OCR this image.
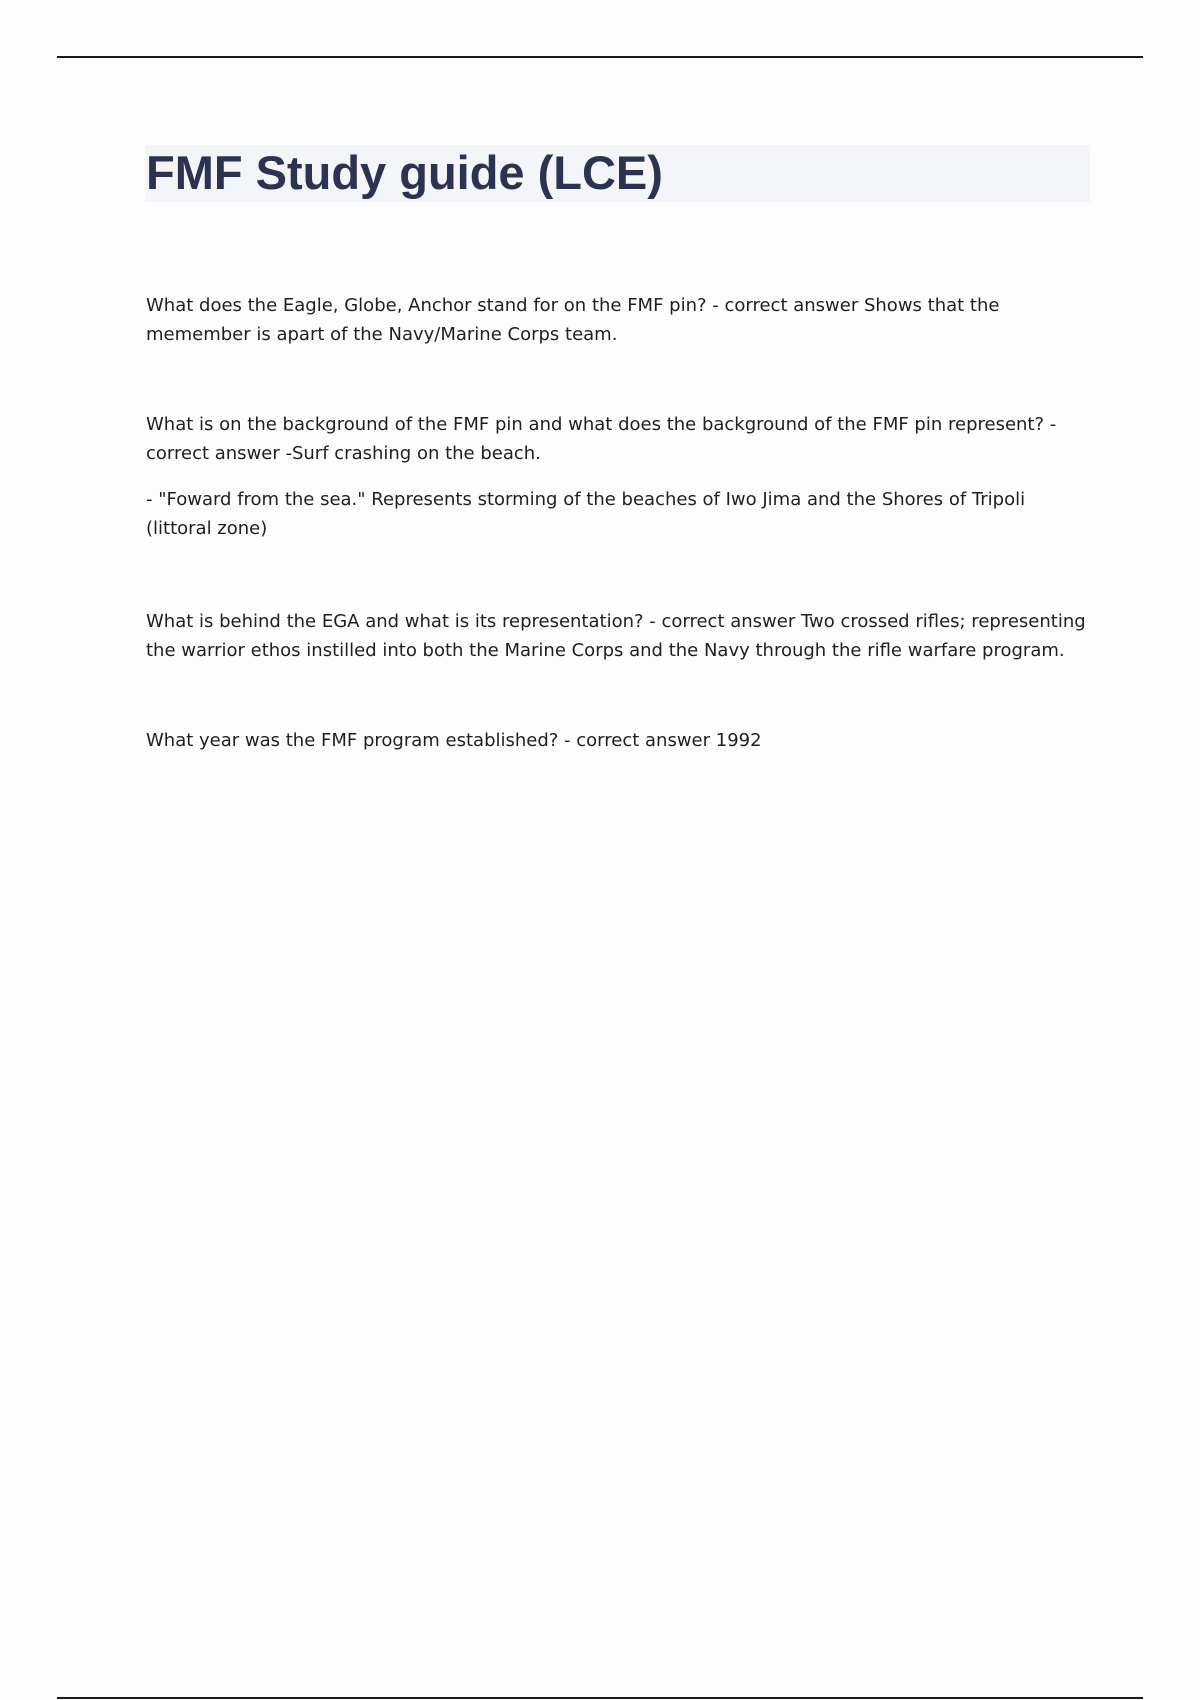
FMF Study guide (LCE)

What does the Eagle, Globe, Anchor stand for on the FMF pin? - correct answer Shows that the memember is apart of the Navy/Marine Corps team.

What is on the background of the FMF pin and what does the background of the FMF pin represent? - correct answer -Surf crashing on the beach.

- "Foward from the sea." Represents storming of the beaches of Iwo Jima and the Shores of Tripoli (littoral zone)

What is behind the EGA and what is its representation? - correct answer Two crossed rifles; representing the warrior ethos instilled into both the Marine Corps and the Navy through the rifle warfare program.

What year was the FMF program established? - correct answer 1992
